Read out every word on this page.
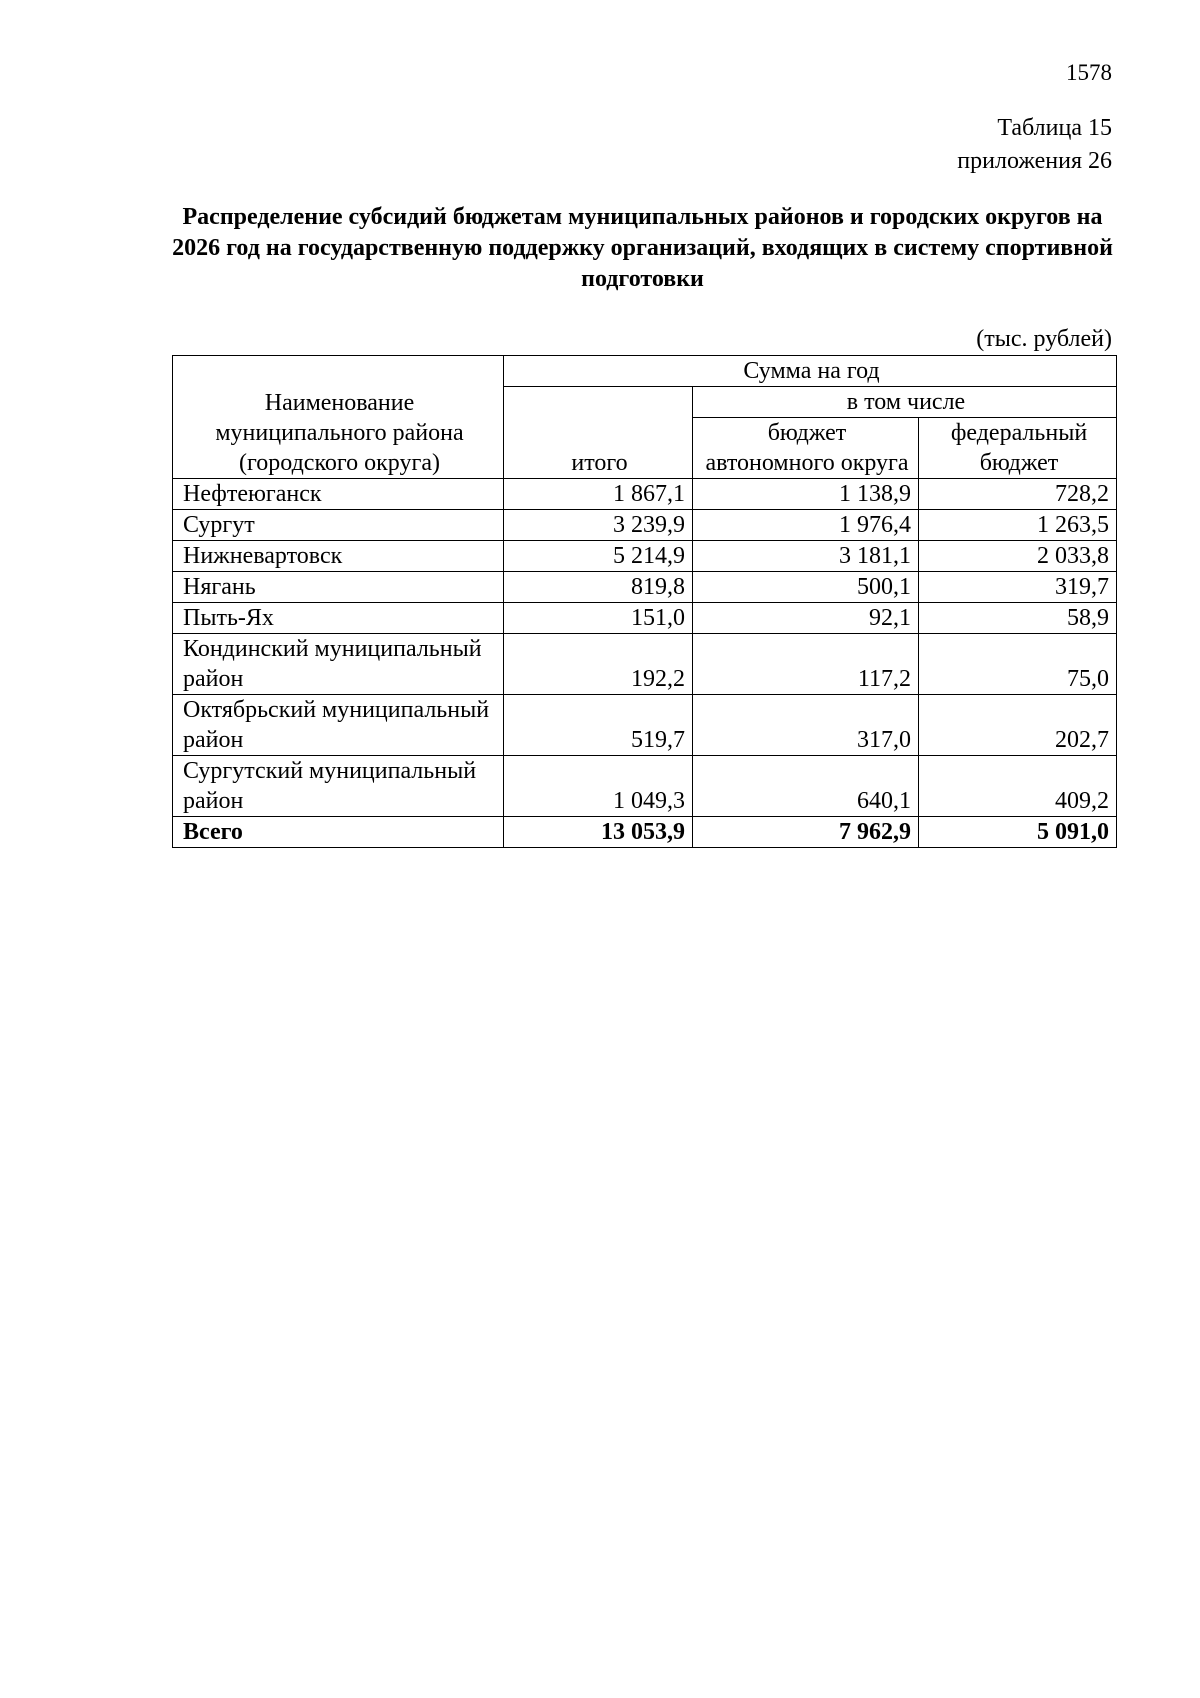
1578
Таблица 15
приложения 26
Распределение субсидий бюджетам муниципальных районов и городских округов на 2026 год на государственную поддержку организаций, входящих в систему спортивной подготовки
(тыс. рублей)
Наименование муниципального района (городского округа)	Сумма на год		
	итого	в том числе	
		бюджет автономного округа	федеральный бюджет
Нефтеюганск	1 867,1	1 138,9	728,2
Сургут	3 239,9	1 976,4	1 263,5
Нижневартовск	5 214,9	3 181,1	2 033,8
Нягань	819,8	500,1	319,7
Пыть-Ях	151,0	92,1	58,9
Кондинский муниципальный район	192,2	117,2	75,0
Октябрьский муниципальный район	519,7	317,0	202,7
Сургутский муниципальный район	1 049,3	640,1	409,2
Всего	13 053,9	7 962,9	5 091,0
